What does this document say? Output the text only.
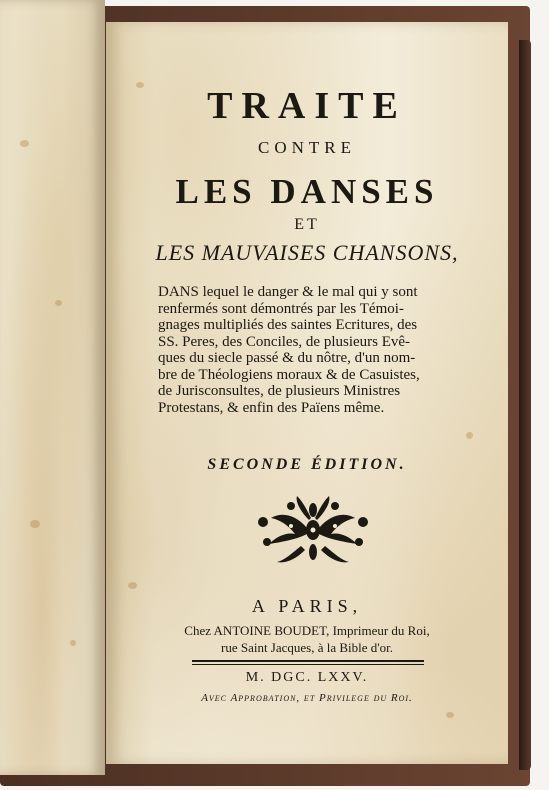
TRAITE
CONTRE
LES DANSES
ET
LES MAUVAISES CHANSONS,
DANS lequel le danger & le mal qui y sont
renfermés sont démontrés par les Témoi-
gnages multipliés des saintes Ecritures, des
SS. Peres, des Conciles, de plusieurs Evê-
ques du siecle passé & du nôtre, d'un nom-
bre de Théologiens moraux & de Casuistes,
de Jurisconsultes, de plusieurs Ministres
Protestans, & enfin des Païens même.
SECONDE ÉDITION.
A PARIS,
Chez ANTOINE BOUDET, Imprimeur du Roi,
rue Saint Jacques, à la Bible d'or.
M. DGC. LXXV.
Avec Approbation, et Privilege du Roi.
